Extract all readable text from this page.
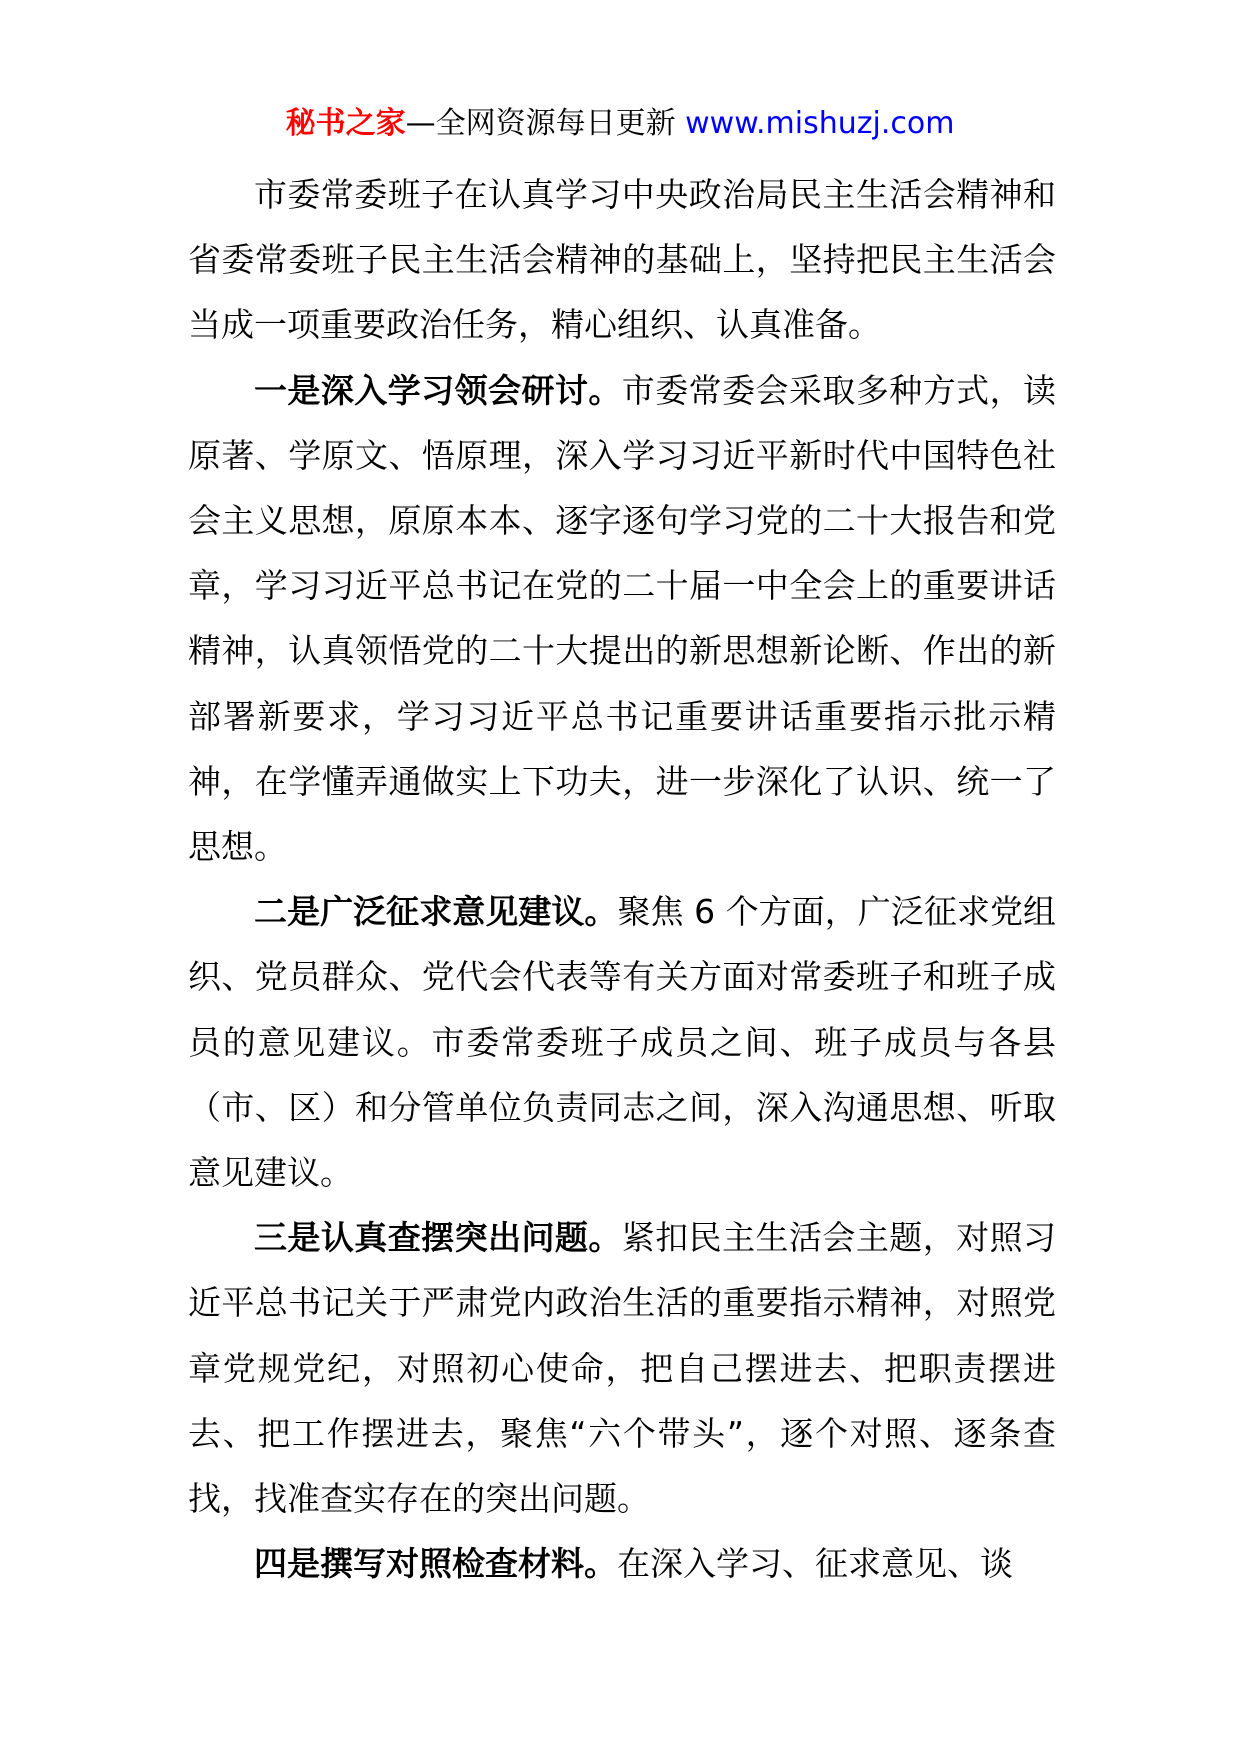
秘书之家—全网资源每日更新 www.mishuzj.com

市委常委班子在认真学习中央政治局民主生活会精神和省委常委班子民主生活会精神的基础上，坚持把民主生活会当成一项重要政治任务，精心组织、认真准备。

一是深入学习领会研讨。市委常委会采取多种方式，读原著、学原文、悟原理，深入学习习近平新时代中国特色社会主义思想，原原本本、逐字逐句学习党的二十大报告和党章，学习习近平总书记在党的二十届一中全会上的重要讲话精神，认真领悟党的二十大提出的新思想新论断、作出的新部署新要求，学习习近平总书记重要讲话重要指示批示精神，在学懂弄通做实上下功夫，进一步深化了认识、统一了思想。

二是广泛征求意见建议。聚焦 6 个方面，广泛征求党组织、党员群众、党代会代表等有关方面对常委班子和班子成员的意见建议。市委常委班子成员之间、班子成员与各县（市、区）和分管单位负责同志之间，深入沟通思想、听取意见建议。

三是认真查摆突出问题。紧扣民主生活会主题，对照习近平总书记关于严肃党内政治生活的重要指示精神，对照党章党规党纪，对照初心使命，把自己摆进去、把职责摆进去、把工作摆进去，聚焦“六个带头”，逐个对照、逐条查找，找准查实存在的突出问题。

四是撰写对照检查材料。在深入学习、征求意见、谈
